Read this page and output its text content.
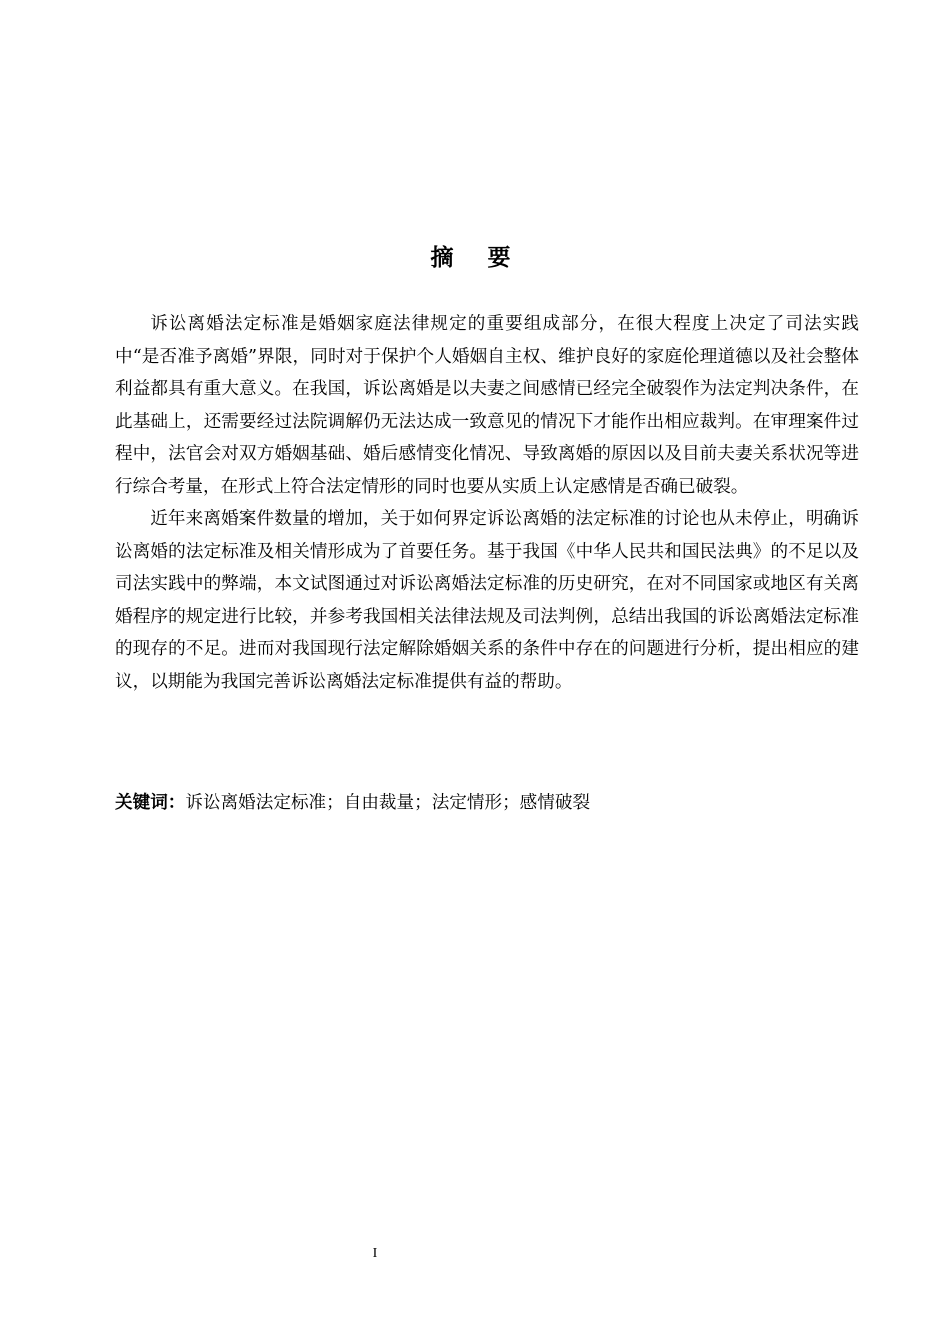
摘要

诉讼离婚法定标准是婚姻家庭法律规定的重要组成部分，在很大程度上决定了司法实践中“是否准予离婚”界限，同时对于保护个人婚姻自主权、维护良好的家庭伦理道德以及社会整体利益都具有重大意义。在我国，诉讼离婚是以夫妻之间感情已经完全破裂作为法定判决条件，在此基础上，还需要经过法院调解仍无法达成一致意见的情况下才能作出相应裁判。在审理案件过程中，法官会对双方婚姻基础、婚后感情变化情况、导致离婚的原因以及目前夫妻关系状况等进行综合考量，在形式上符合法定情形的同时也要从实质上认定感情是否确已破裂。

近年来离婚案件数量的增加，关于如何界定诉讼离婚的法定标准的讨论也从未停止，明确诉讼离婚的法定标准及相关情形成为了首要任务。基于我国《中华人民共和国民法典》的不足以及司法实践中的弊端，本文试图通过对诉讼离婚法定标准的历史研究，在对不同国家或地区有关离婚程序的规定进行比较，并参考我国相关法律法规及司法判例，总结出我国的诉讼离婚法定标准的现存的不足。进而对我国现行法定解除婚姻关系的条件中存在的问题进行分析，提出相应的建议，以期能为我国完善诉讼离婚法定标准提供有益的帮助。

关键词：诉讼离婚法定标准；自由裁量；法定情形；感情破裂
I
